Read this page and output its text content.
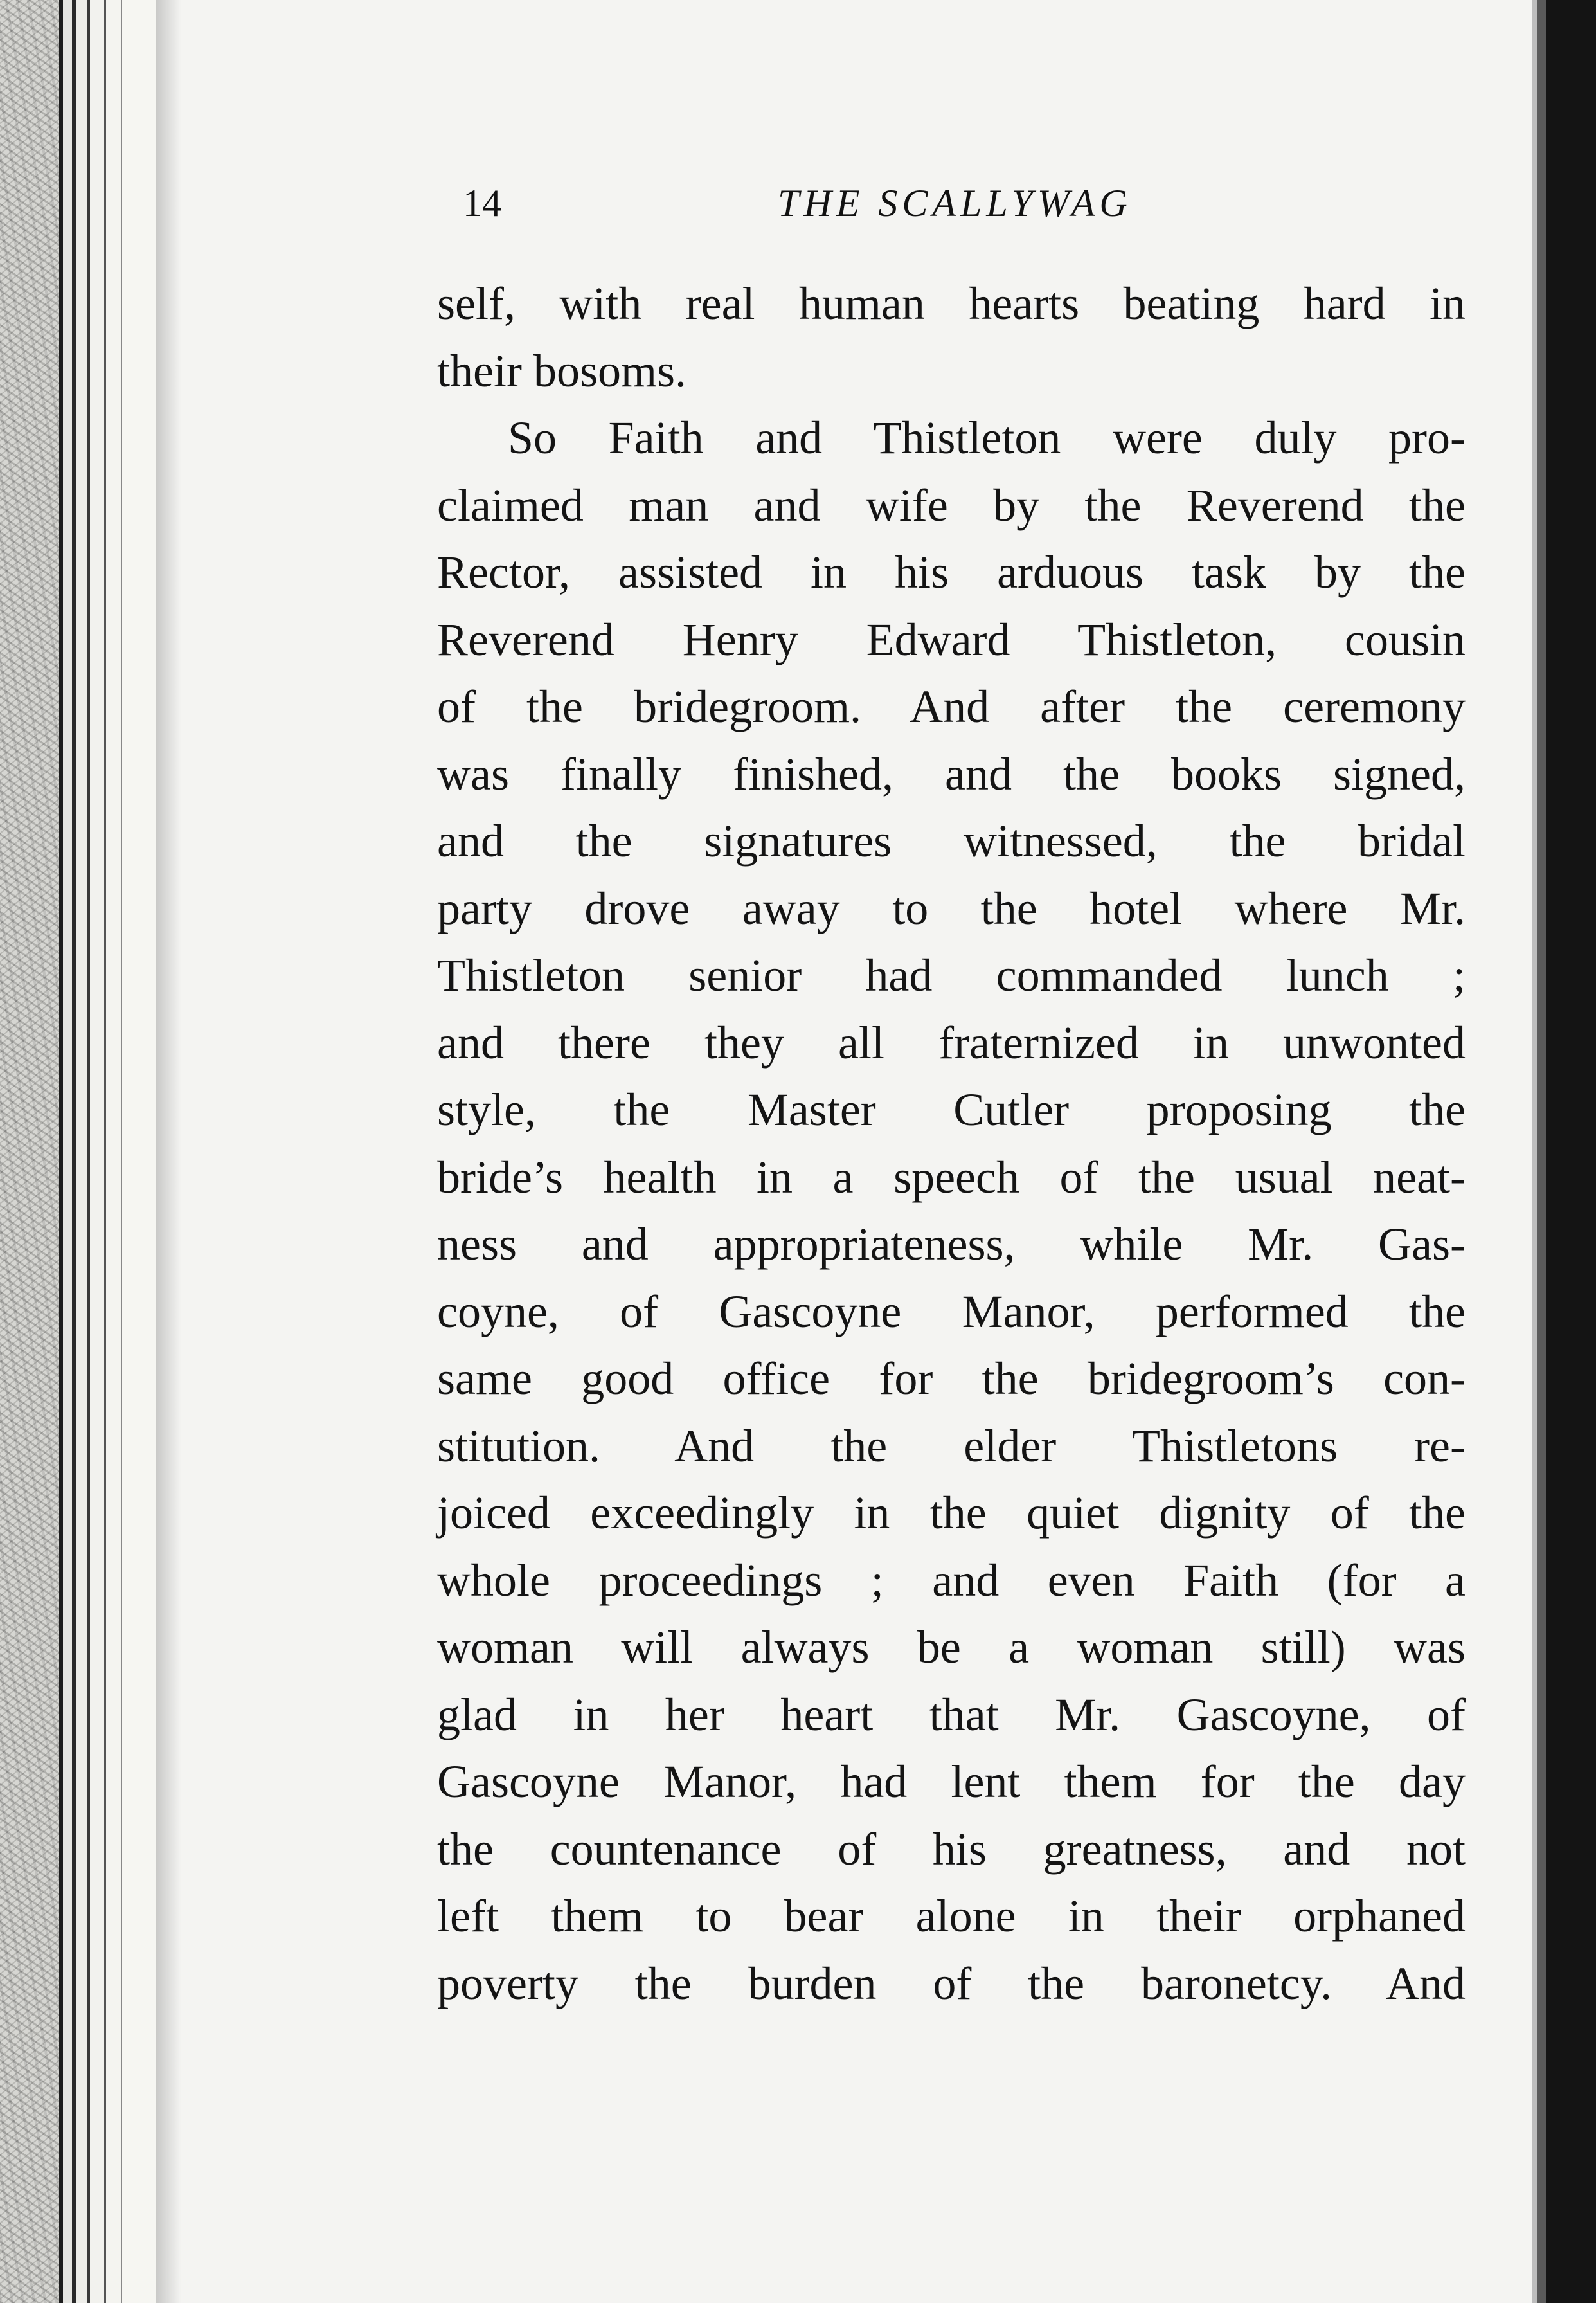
14	THE SCALLYWAG
self, with real human hearts beating hard in
their bosoms.
So Faith and Thistleton were duly pro-
claimed man and wife by the Reverend the
Rector, assisted in his arduous task by the
Reverend Henry Edward Thistleton, cousin
of the bridegroom. And after the ceremony
was finally finished, and the books signed,
and the signatures witnessed, the bridal
party drove away to the hotel where Mr.
Thistleton senior had commanded lunch ;
and there they all fraternized in unwonted
style, the Master Cutler proposing the
bride’s health in a speech of the usual neat-
ness and appropriateness, while Mr. Gas-
coyne, of Gascoyne Manor, performed the
same good office for the bridegroom’s con-
stitution. And the elder Thistletons re-
joiced exceedingly in the quiet dignity of the
whole proceedings ; and even Faith (for a
woman will always be a woman still) was
glad in her heart that Mr. Gascoyne, of
Gascoyne Manor, had lent them for the day
the countenance of his greatness, and not
left them to bear alone in their orphaned
poverty the burden of the baronetcy. And
